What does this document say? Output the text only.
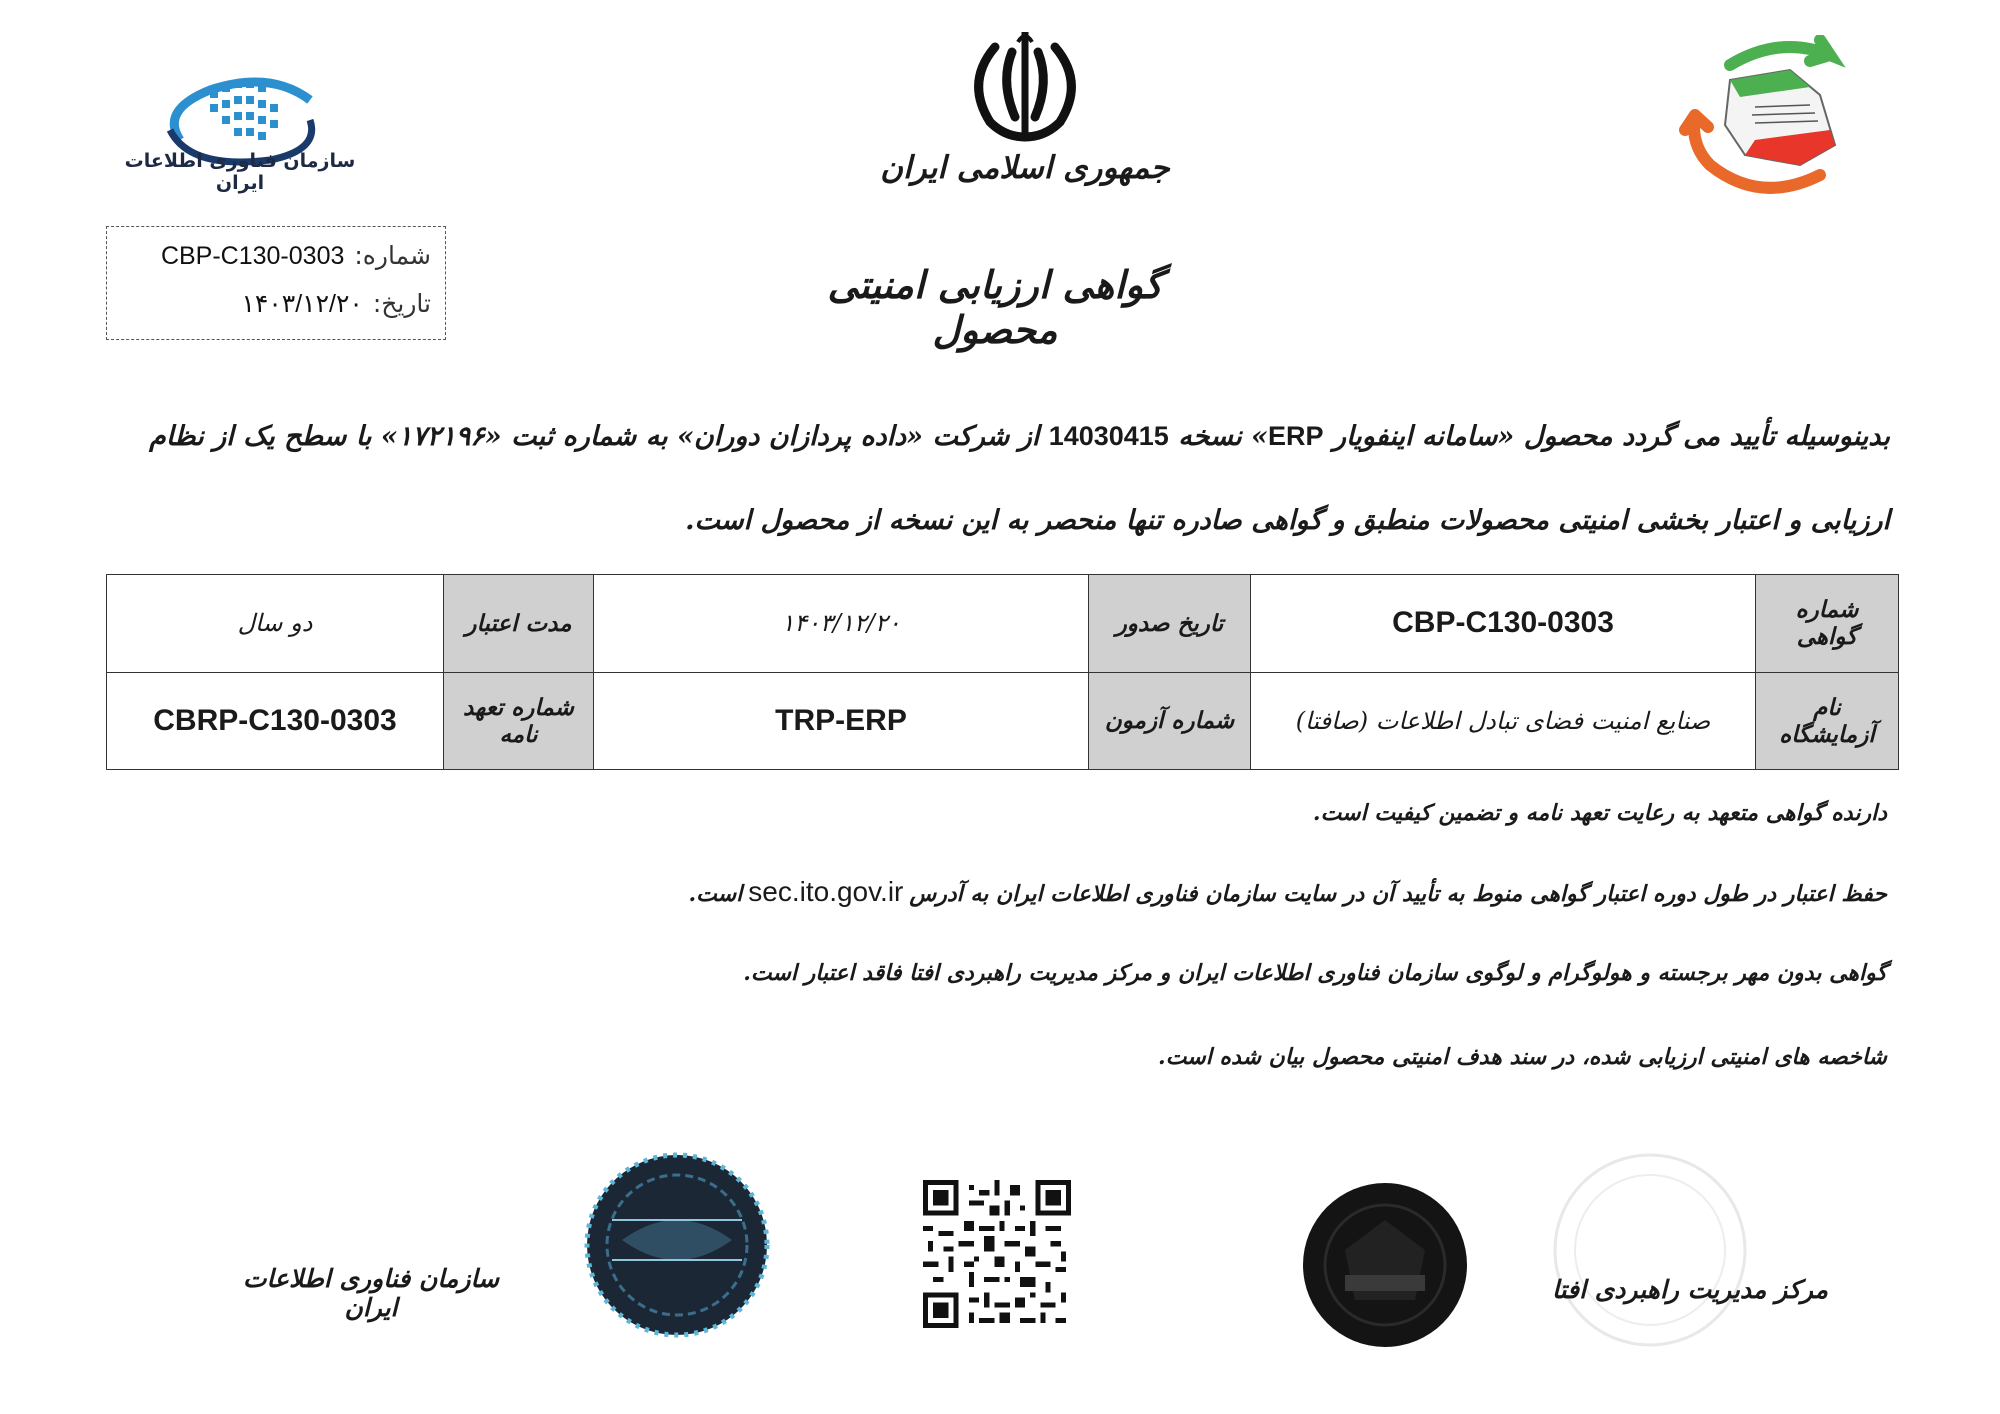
سازمان فناوری اطلاعات ایران	جمهوری اسلامی ایران
شماره:CBP-C130-0303
تاریخ:۱۴۰۳/۱۲/۲۰	گواهی ارزیابی امنیتی محصول
بدینوسیله تأیید می گردد محصول «سامانه اینفویار ERP» نسخه 14030415 از شرکت «داده پردازان دوران» به شماره ثبت «۱۷۲۱۹۶» با سطح یک از نظام ارزیابی و اعتبار بخشی امنیتی محصولات منطبق و گواهی صادره تنها منحصر به این نسخه از محصول است.
شماره گواهی	CBP-C130-0303	تاریخ صدور	۱۴۰۳/۱۲/۲۰	مدت اعتبار	دو سال
نام آزمایشگاه	صنایع امنیت فضای تبادل اطلاعات (صافتا)	شماره آزمون	TRP-ERP	شماره تعهد نامه	CBRP-C130-0303
دارنده گواهی متعهد به رعایت تعهد نامه و تضمین کیفیت است.
حفظ اعتبار در طول دوره اعتبار گواهی منوط به تأیید آن در سایت سازمان فناوری اطلاعات ایران به آدرسsec.ito.gov.irاست.
گواهی بدون مهر برجسته و هولوگرام و لوگوی سازمان فناوری اطلاعات ایران و مرکز مدیریت راهبردی افتا فاقد اعتبار است.
شاخصه های امنیتی ارزیابی شده، در سند هدف امنیتی محصول بیان شده است.
سازمان فناوری اطلاعات ایران
مرکز مدیریت راهبردی افتا
